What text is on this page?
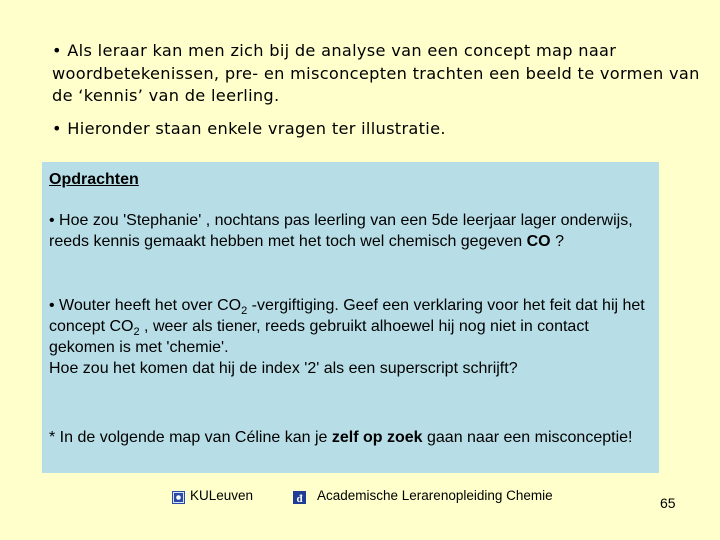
• Als leraar kan men zich bij de analyse van een concept map naar woordbetekenissen, pre- en misconcepten trachten een beeld te vormen van de ‘kennis’ van de leerling.
• Hieronder staan enkele vragen ter illustratie.
Opdrachten
• Hoe zou 'Stephanie' , nochtans pas leerling van een 5de leerjaar lager onderwijs, reeds kennis gemaakt hebben met het toch wel chemisch gegeven CO ?
• Wouter heeft het over $CO_2$ -vergiftiging. Geef een verklaring voor het feit dat hij het concept $CO_2$ , weer als tiener, reeds gebruikt alhoewel hij nog niet in contact gekomen is met 'chemie'.
Hoe zou het komen dat hij de index '2' als een superscript schrijft?
* In de volgende map van Céline kan je zelf op zoek gaan naar een misconceptie!
KULeuven	đ Academische Lerarenopleiding Chemie	65
